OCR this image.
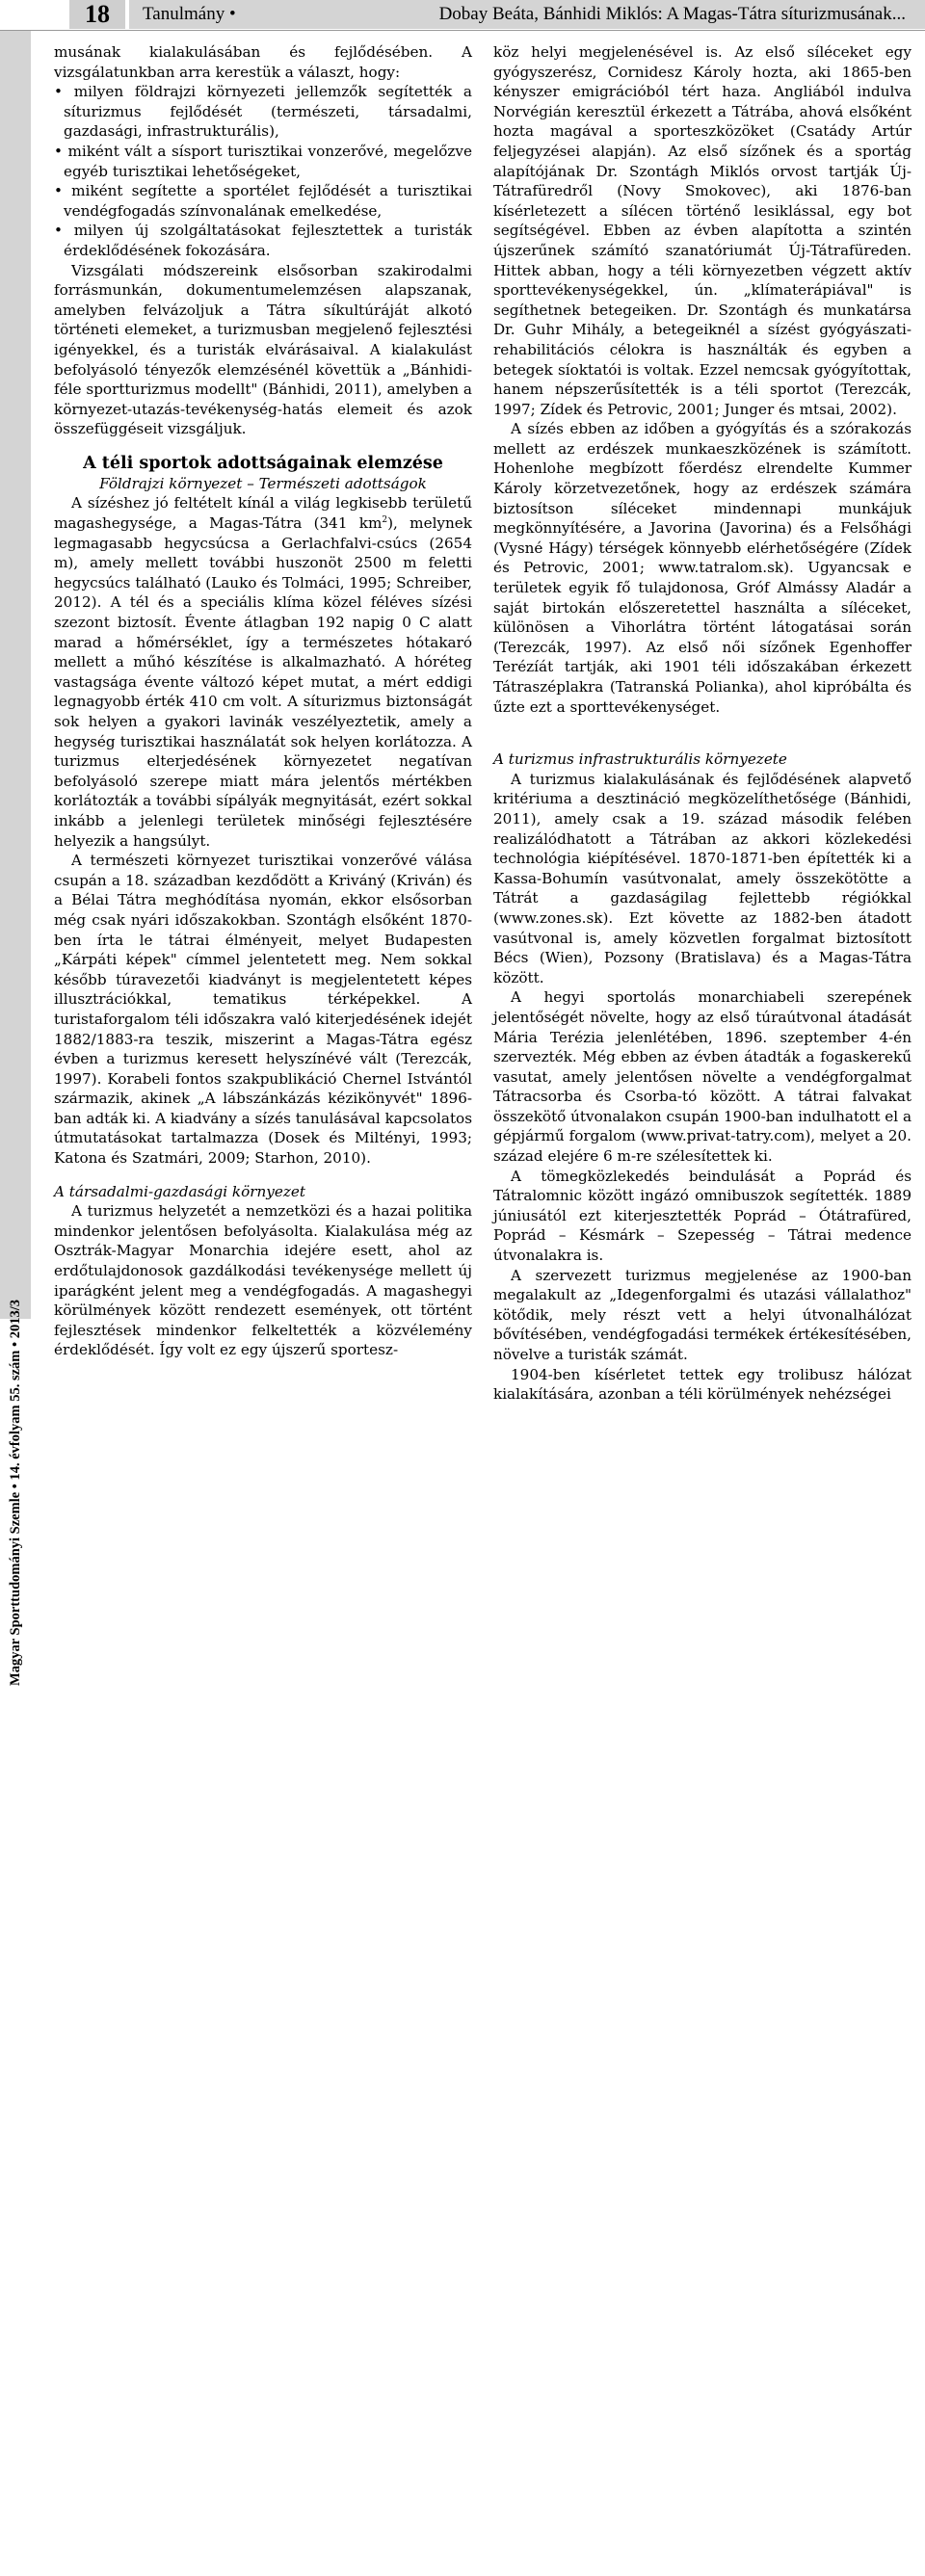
18	Tanulmány •	Dobay Beáta, Bánhidi Miklós: A Magas-Tátra síturizmusának...
Magyar Sporttudományi Szemle • 14. évfolyam 55. szám • 2013/3

musának kialakulásában és fejlődésében. A vizsgálatunkban arra kerestük a választ, hogy:

• milyen földrajzi környezeti jellemzők segítették a síturizmus fejlődését (természeti, társadalmi, gazdasági, infrastrukturális),
• miként vált a sísport turisztikai vonzerővé, megelőzve egyéb turisztikai lehetőségeket,
• miként segítette a sportélet fejlődését a turisztikai vendégfogadás színvonalának emelkedése,
• milyen új szolgáltatásokat fejlesztettek a turisták érdeklődésének fokozására.

Vizsgálati módszereink elsősorban szakirodalmi forrásmunkán, dokumentumelemzésen alapszanak, amelyben felvázoljuk a Tátra síkultúráját alkotó történeti elemeket, a turizmusban megjelenő fejlesztési igényekkel, és a turisták elvárásaival. A kialakulást befolyásoló tényezők elemzésénél követtük a „Bánhidi-féle sportturizmus modellt" (Bánhidi, 2011), amelyben a környezet-utazás-tevékenység-hatás elemeit és azok összefüggéseit vizsgáljuk.

A téli sportok adottságainak elemzése
Földrajzi környezet – Természeti adottságok

A sízéshez jó feltételt kínál a világ legkisebb területű magashegysége, a Magas-Tátra (341 $km^2$), melynek legmagasabb hegycsúcsa a Gerlachfalvi-csúcs (2654 m), amely mellett további huszonöt 2500 m feletti hegycsúcs található (Lauko és Tolmáci, 1995; Schreiber, 2012). A tél és a speciális klíma közel féléves sízési szezont biztosít. Évente átlagban 192 napig 0 C alatt marad a hőmérséklet, így a természetes hótakaró mellett a műhó készítése is alkalmazható. A hóréteg vastagsága évente változó képet mutat, a mért eddigi legnagyobb érték 410 cm volt. A síturizmus biztonságát sok helyen a gyakori lavinák veszélyeztetik, amely a hegység turisztikai használatát sok helyen korlátozza. A turizmus elterjedésének környezetet negatívan befolyásoló szerepe miatt mára jelentős mértékben korlátozták a további sípályák megnyitását, ezért sokkal inkább a jelenlegi területek minőségi fejlesztésére helyezik a hangsúlyt.

A természeti környezet turisztikai vonzerővé válása csupán a 18. században kezdődött a Kriváný (Kriván) és a Bélai Tátra meghódítása nyomán, ekkor elsősorban még csak nyári időszakokban. Szontágh elsőként 1870-ben írta le tátrai élményeit, melyet Budapesten „Kárpáti képek" címmel jelentetett meg. Nem sokkal később túravezetői kiadványt is megjelentetett képes illusztrációkkal, tematikus térképekkel. A turistaforgalom téli időszakra való kiterjedésének idejét 1882/1883-ra teszik, miszerint a Magas-Tátra egész évben a turizmus keresett helyszínévé vált (Terezcák, 1997). Korabeli fontos szakpublikáció Chernel Istvántól származik, akinek „A lábszánkázás kézikönyvét" 1896-ban adták ki. A kiadvány a sízés tanulásával kapcsolatos útmutatásokat tartalmazza (Dosek és Miltényi, 1993; Katona és Szatmári, 2009; Starhon, 2010).

A társadalmi-gazdasági környezet

A turizmus helyzetét a nemzetközi és a hazai politika mindenkor jelentősen befolyásolta. Kialakulása még az Osztrák-Magyar Monarchia idejére esett, ahol az erdőtulajdonosok gazdálkodási tevékenysége mellett új iparágként jelent meg a vendégfogadás. A magashegyi körülmények között rendezett események, ott történt fejlesztések mindenkor felkeltették a közvélemény érdeklődését. Így volt ez egy újszerű sportesz-

köz helyi megjelenésével is. Az első síléceket egy gyógyszerész, Cornidesz Károly hozta, aki 1865-ben kényszer emigrációból tért haza. Angliából indulva Norvégián keresztül érkezett a Tátrába, ahová elsőként hozta magával a sporteszközöket (Csatády Artúr feljegyzései alapján). Az első sízőnek és a sportág alapítójának Dr. Szontágh Miklós orvost tartják Új-Tátrafüredről (Novy Smokovec), aki 1876-ban kísérletezett a sílécen történő lesiklással, egy bot segítségével. Ebben az évben alapította a szintén újszerűnek számító szanatóriumát Új-Tátrafüreden. Hittek abban, hogy a téli környezetben végzett aktív sporttevékenységekkel, ún. „klímaterápiával" is segíthetnek betegeiken. Dr. Szontágh és munkatársa Dr. Guhr Mihály, a betegeiknél a sízést gyógyászati-rehabilitációs célokra is használták és egyben a betegek síoktatói is voltak. Ezzel nemcsak gyógyítottak, hanem népszerűsítették is a téli sportot (Terezcák, 1997; Zídek és Petrovic, 2001; Junger és mtsai, 2002).

A sízés ebben az időben a gyógyítás és a szórakozás mellett az erdészek munkaeszközének is számított. Hohenlohe megbízott főerdész elrendelte Kummer Károly körzetvezetőnek, hogy az erdészek számára biztosítson síléceket mindennapi munkájuk megkönnyítésére, a Javorina (Javorina) és a Felsőhági (Vysné Hágy) térségek könnyebb elérhetőségére (Zídek és Petrovic, 2001; www.tatralom.sk). Ugyancsak e területek egyik fő tulajdonosa, Gróf Almássy Aladár a saját birtokán előszeretettel használta a síléceket, különösen a Vihorlátra történt látogatásai során (Terezcák, 1997). Az első női sízőnek Egenhoffer Terézíát tartják, aki 1901 téli időszakában érkezett Tátraszéplakra (Tatranská Polianka), ahol kipróbálta és űzte ezt a sporttevékenységet.

A turizmus infrastrukturális környezete

A turizmus kialakulásának és fejlődésének alapvető kritériuma a desztináció megközelíthetősége (Bánhidi, 2011), amely csak a 19. század második felében realizálódhatott a Tátrában az akkori közlekedési technológia kiépítésével. 1870-1871-ben építették ki a Kassa-Bohumín vasútvonalat, amely összekötötte a Tátrát a gazdaságilag fejlettebb régiókkal (www.zones.sk). Ezt követte az 1882-ben átadott vasútvonal is, amely közvetlen forgalmat biztosított Bécs (Wien), Pozsony (Bratislava) és a Magas-Tátra között.

A hegyi sportolás monarchiabeli szerepének jelentőségét növelte, hogy az első túraútvonal átadását Mária Terézia jelenlétében, 1896. szeptember 4-én szervezték. Még ebben az évben átadták a fogaskerekű vasutat, amely jelentősen növelte a vendégforgalmat Tátracsorba és Csorba-tó között. A tátrai falvakat összekötő útvonalakon csupán 1900-ban indulhatott el a gépjármű forgalom (www.privat-tatry.com), melyet a 20. század elejére 6 m-re szélesítettek ki.

A tömegközlekedés beindulását a Poprád és Tátralomnic között ingázó omnibuszok segítették. 1889 júniusától ezt kiterjesztették Poprád – Ótátrafüred, Poprád – Késmárk – Szepesség – Tátrai medence útvonalakra is.

A szervezett turizmus megjelenése az 1900-ban megalakult az „Idegenforgalmi és utazási vállalathoz" kötődik, mely részt vett a helyi útvonalhálózat bővítésében, vendégfogadási termékek értékesítésében, növelve a turisták számát.

1904-ben kísérletet tettek egy trolibusz hálózat kialakítására, azonban a téli körülmények nehézségei
